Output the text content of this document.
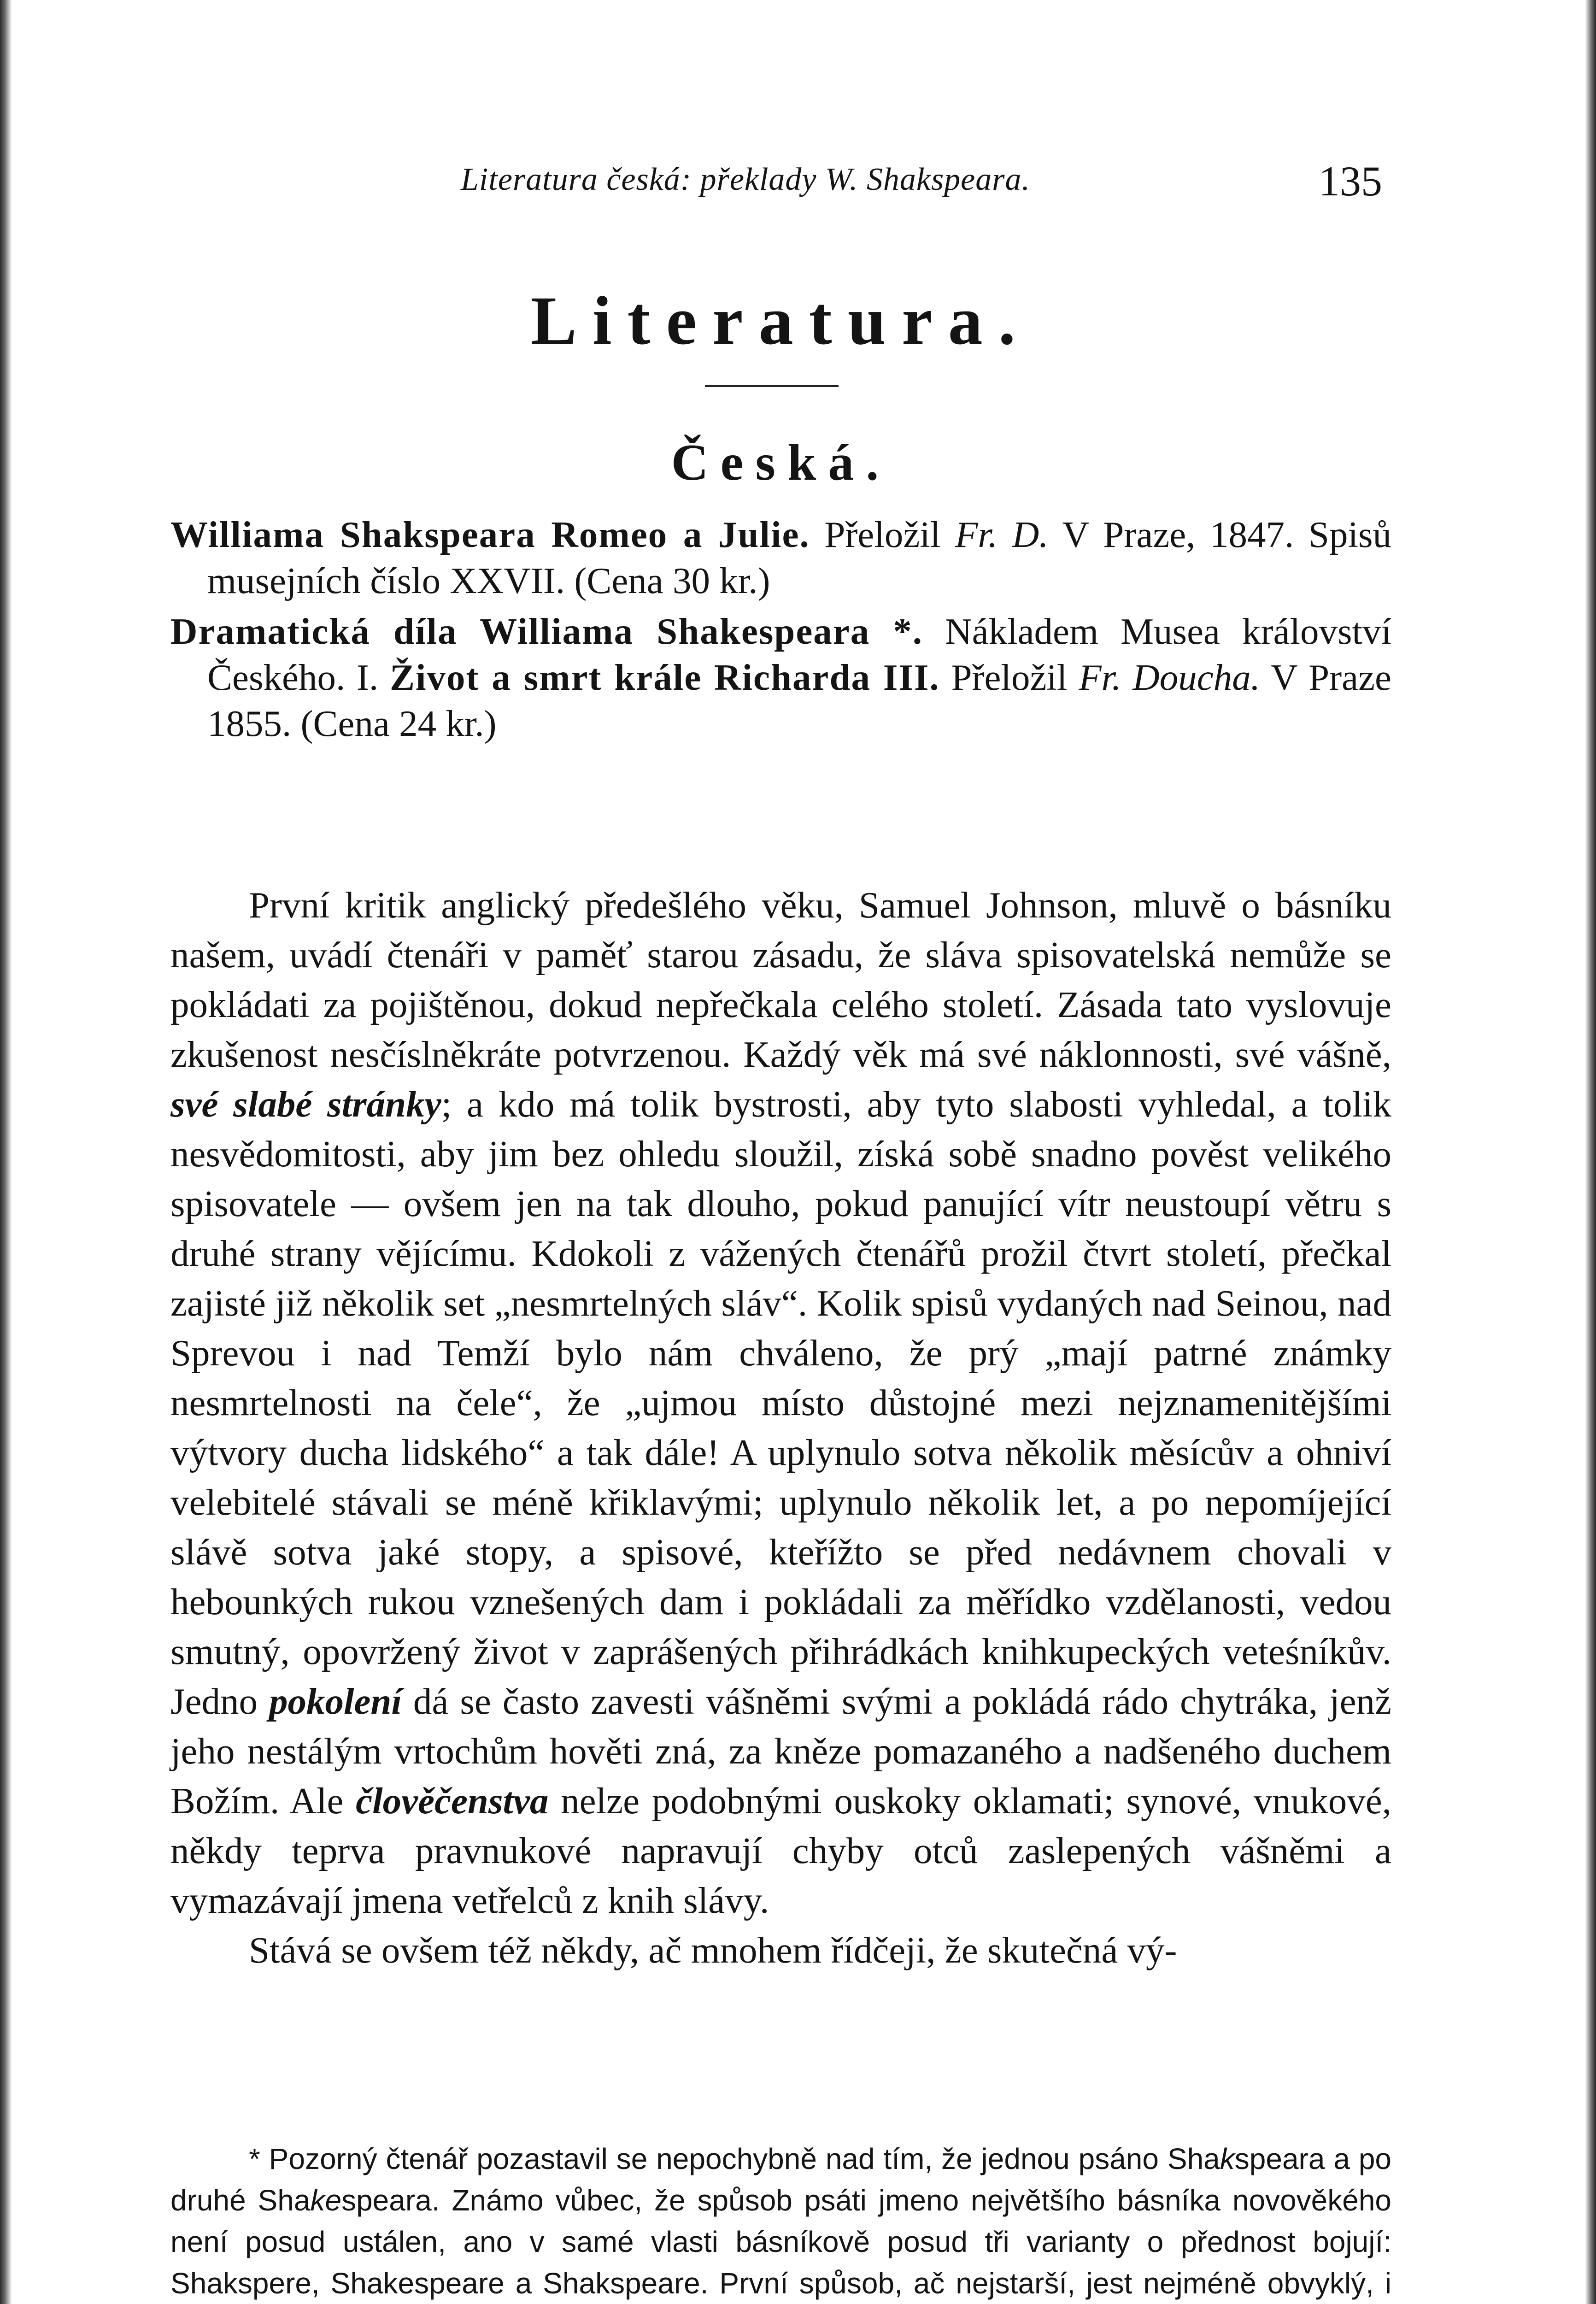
Literatura česká: překlady W. Shakspeara.	135
Literatura.
Česká.
Williama Shakspeara Romeo a Julie. Přeložil Fr. D. V Praze, 1847. Spisů musejních číslo XXVII. (Cena 30 kr.)
Dramatická díla Williama Shakespeara *. Nákladem Musea království Českého. I. Život a smrt krále Richarda III. Přeložil Fr. Doucha. V Praze 1855. (Cena 24 kr.)

První kritik anglický předešlého věku, Samuel Johnson, mluvě o básníku našem, uvádí čtenáři v paměť starou zásadu, že sláva spisovatelská nemůže se pokládati za pojištěnou, dokud nepřečkala celého století. Zásada tato vyslovuje zkušenost nesčíslněkráte potvrzenou. Každý věk má své náklonnosti, své vášně, své slabé stránky; a kdo má tolik bystrosti, aby tyto slabosti vyhledal, a tolik nesvědomitosti, aby jim bez ohledu sloužil, získá sobě snadno pověst velikého spisovatele — ovšem jen na tak dlouho, pokud panující vítr neustoupí větru s druhé strany vějícímu. Kdokoli z vážených čtenářů prožil čtvrt století, přečkal zajisté již několik set „nesmrtelných sláv“. Kolik spisů vydaných nad Seinou, nad Sprevou i nad Temží bylo nám chváleno, že prý „mají patrné známky nesmrtelnosti na čele“, že „ujmou místo důstojné mezi nejznamenitějšími výtvory ducha lidského“ a tak dále! A uplynulo sotva několik měsícův a ohniví velebitelé stávali se méně křiklavými; uplynulo několik let, a po nepomíjející slávě sotva jaké stopy, a spisové, kteřížto se před nedávnem chovali v hebounkých rukou vznešených dam i pokládali za měřídko vzdělanosti, vedou smutný, opovržený život v zaprášených přihrádkách knihkupeckých veteśníkův. Jedno pokolení dá se často zavesti vášněmi svými a pokládá rádo chytráka, jenž jeho nestálým vrtochům hověti zná, za kněze pomazaného a nadšeného duchem Božím. Ale člověčenstva nelze podobnými ouskoky oklamati; synové, vnukové, někdy teprva pravnukové napravují chyby otců zaslepených vášněmi a vymazávají jmena vetřelců z knih slávy.

Stává se ovšem též někdy, ač mnohem řídčeji, že skutečná vý-

* Pozorný čtenář pozastavil se nepochybně nad tím, že jednou psáno Shakspeara a po druhé Shakespeara. Známo vůbec, že spůsob psáti jmeno největšího básníka novověkého není posud ustálen, ano v samé vlasti básníkově posud tři varianty o přednost bojují: Shakspere, Shakespeare a Shakspeare. První spůsob, ač nejstarší, jest nejméně obvyklý, i
